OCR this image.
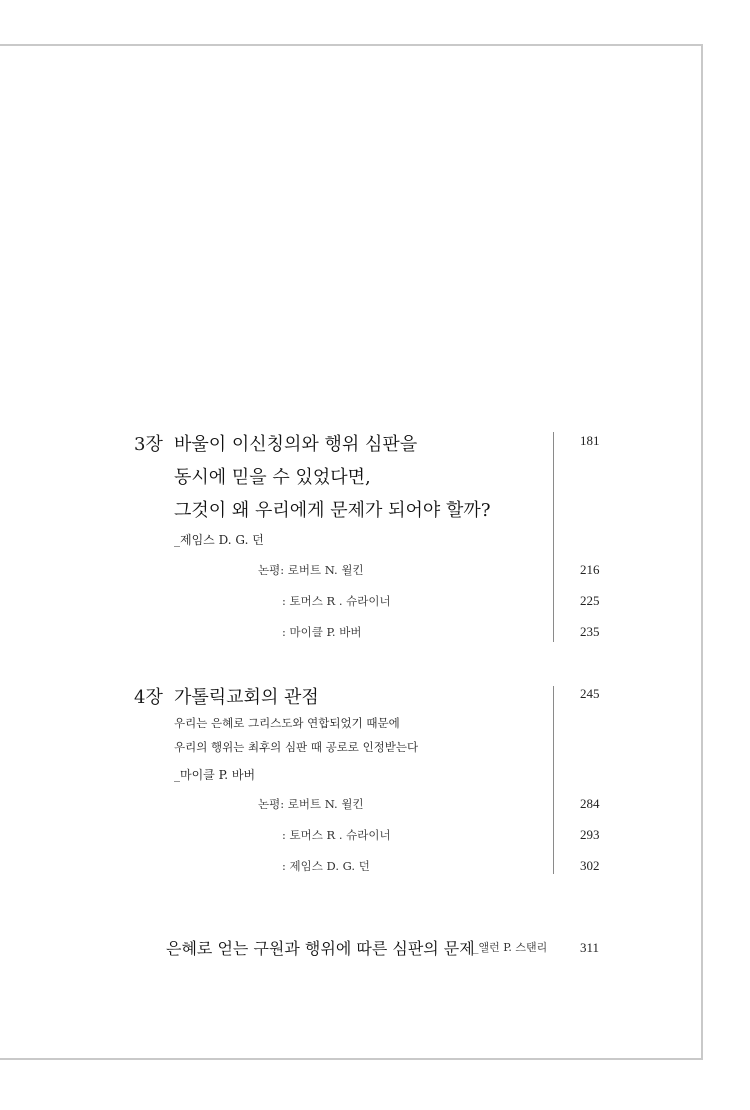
3장 바울이 이신칭의와 행위 심판을
동시에 믿을 수 있었다면,
그것이 왜 우리에게 문제가 되어야 할까?
_제임스 D. G. 던
181
논평: 로버트 N. 윌킨	216
: 토머스 R . 슈라이너	225
: 마이클 P. 바버	235
4장 가톨릭교회의 관점
우리는 은혜로 그리스도와 연합되었기 때문에
우리의 행위는 최후의 심판 때 공로로 인정받는다
_마이클 P. 바버
245
논평: 로버트 N. 윌킨	284
: 토머스 R . 슈라이너	293
: 제임스 D. G. 던	302
은혜로 얻는 구원과 행위에 따른 심판의 문제
_앨런 P. 스탠리	311
